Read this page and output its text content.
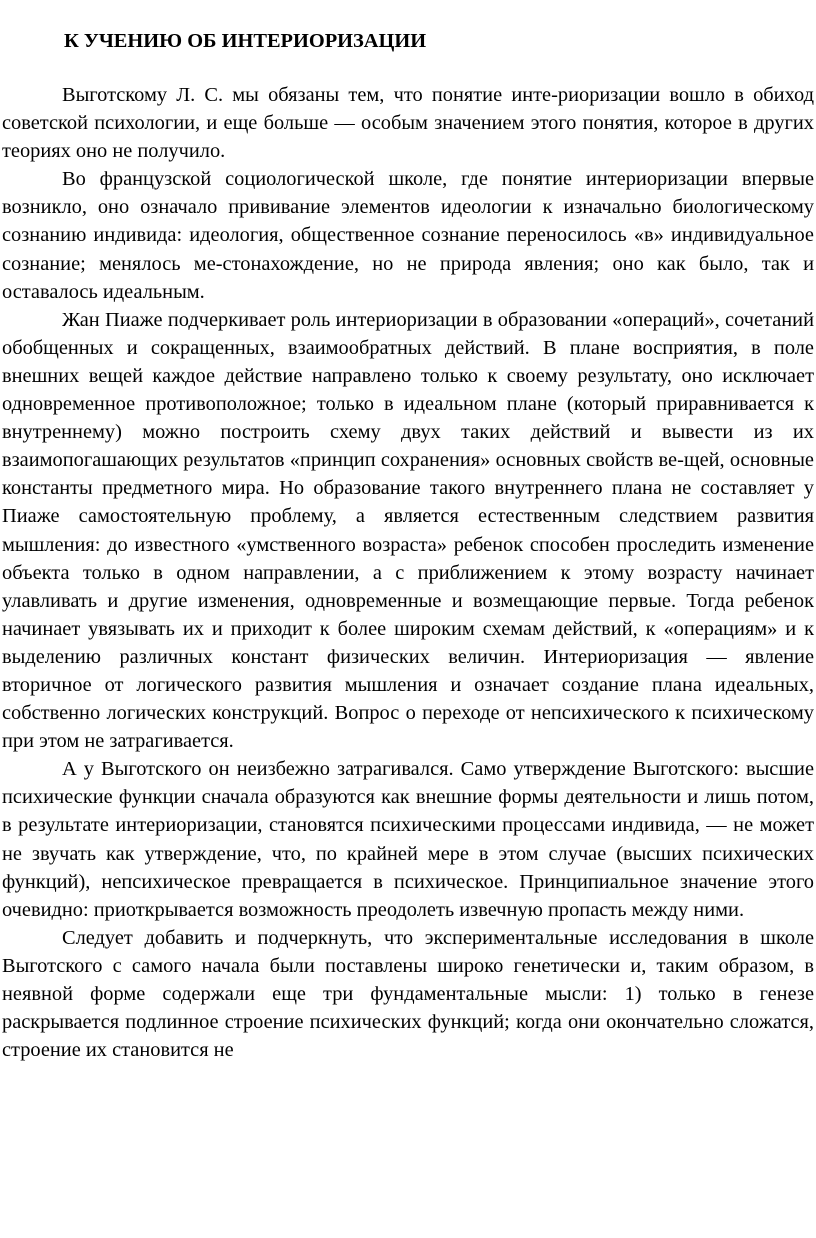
К УЧЕНИЮ ОБ ИНТЕРИОРИЗАЦИИ

Выготскому Л. С. мы обязаны тем, что понятие инте-риоризации вошло в обиход советской психологии, и еще больше — особым значением этого понятия, которое в других теориях оно не получило.

Во французской социологической школе, где понятие интериоризации впервые возникло, оно означало прививание элементов идеологии к изначально биологическому сознанию индивида: идеология, общественное сознание переносилось «в» индивидуальное сознание; менялось ме-стонахождение, но не природа явления; оно как было, так и оставалось идеальным.

Жан Пиаже подчеркивает роль интериоризации в образовании «операций», сочетаний обобщенных и сокращенных, взаимообратных действий. В плане восприятия, в поле внешних вещей каждое действие направлено только к своему результату, оно исключает одновременное противоположное; только в идеальном плане (который приравнивается к внутреннему) можно построить схему двух таких действий и вывести из их взаимопогашающих результатов «принцип сохранения» основных свойств ве-щей, основные константы предметного мира. Но образование такого внутреннего плана не составляет у Пиаже самостоятельную проблему, а является естественным следствием развития мышления: до известного «умственного возраста» ребенок способен проследить изменение объекта только в одном направлении, а с приближением к этому возрасту начинает улавливать и другие изменения, одновременные и возмещающие первые. Тогда ребенок начинает увязывать их и приходит к более широким схемам действий, к «операциям» и к выделению различных констант физических величин. Интериоризация — явление вторичное от логического развития мышления и означает создание плана идеальных, собственно логических конструкций. Вопрос о переходе от непсихического к психическому при этом не затрагивается.

А у Выготского он неизбежно затрагивался. Само утверждение Выготского: высшие психические функции сначала образуются как внешние формы деятельности и лишь потом, в результате интериоризации, становятся психическими процессами индивида, — не может не звучать как утверждение, что, по крайней мере в этом случае (высших психических функций), непсихическое превращается в психическое. Принципиальное значение этого очевидно: приоткрывается возможность преодолеть извечную пропасть между ними.

Следует добавить и подчеркнуть, что экспериментальные исследования в школе Выготского с самого начала были поставлены широко генетически и, таким образом, в неявной форме содержали еще три фундаментальные мысли: 1) только в генезе раскрывается подлинное строение психических функций; когда они окончательно сложатся, строение их становится не
